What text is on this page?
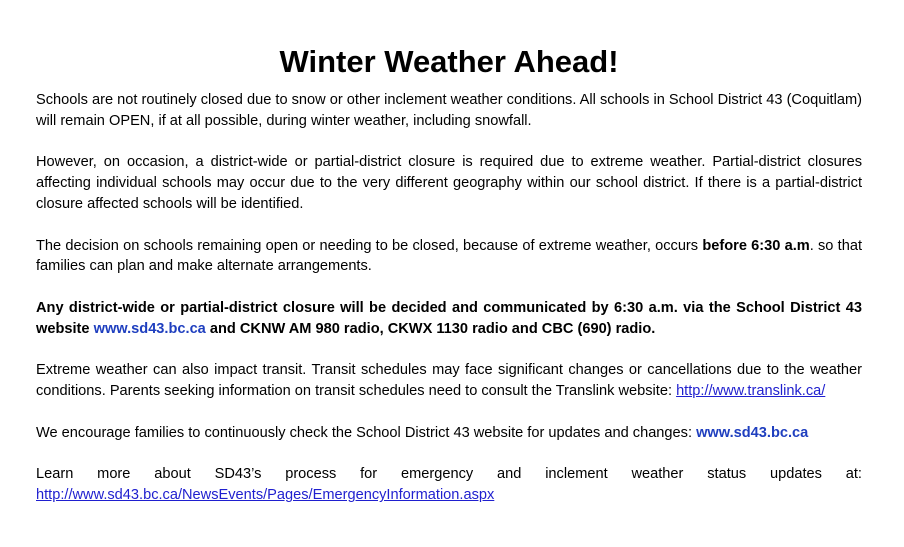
Winter Weather Ahead!

Schools are not routinely closed due to snow or other inclement weather conditions. All schools in School District 43 (Coquitlam) will remain OPEN, if at all possible, during winter weather, including snowfall.

However, on occasion, a district-wide or partial-district closure is required due to extreme weather. Partial-district closures affecting individual schools may occur due to the very different geography within our school district. If there is a partial-district closure affected schools will be identified.

The decision on schools remaining open or needing to be closed, because of extreme weather, occurs before 6:30 a.m. so that families can plan and make alternate arrangements.

Any district-wide or partial-district closure will be decided and communicated by 6:30 a.m. via the School District 43 website www.sd43.bc.ca and CKNW AM 980 radio, CKWX 1130 radio and CBC (690) radio.

Extreme weather can also impact transit. Transit schedules may face significant changes or cancellations due to the weather conditions. Parents seeking information on transit schedules need to consult the Translink website: http://www.translink.ca/

We encourage families to continuously check the School District 43 website for updates and changes: www.sd43.bc.ca

Learn more about SD43’s process for emergency and inclement weather status updates at: http://www.sd43.bc.ca/NewsEvents/Pages/EmergencyInformation.aspx
